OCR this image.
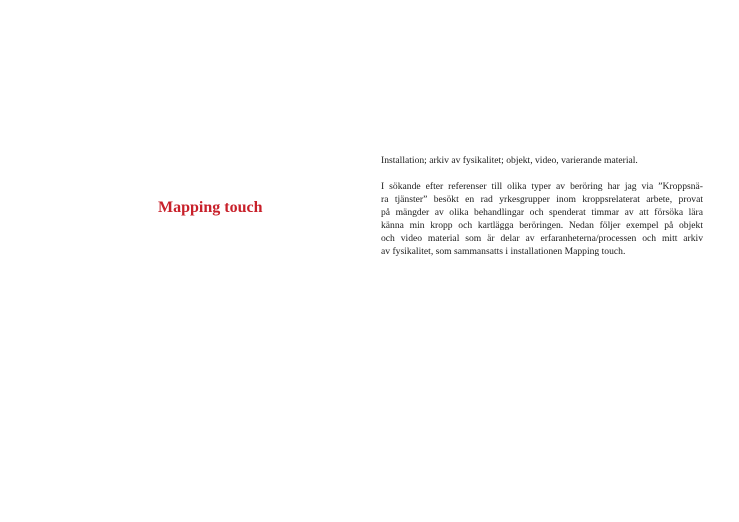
Mapping touch

Installation; arkiv av fysikalitet; objekt, video, varierande material.

I sökande efter referenser till olika typer av beröring har jag via ”Kroppsnä-
ra tjänster” besökt en rad yrkesgrupper inom kroppsrelaterat arbete, provat
på mängder av olika behandlingar och spenderat timmar av att försöka lära
känna min kropp och kartlägga beröringen. Nedan följer exempel på objekt
och video material som är delar av erfaranheterna/processen och mitt arkiv
av fysikalitet, som sammansatts i installationen Mapping touch.
